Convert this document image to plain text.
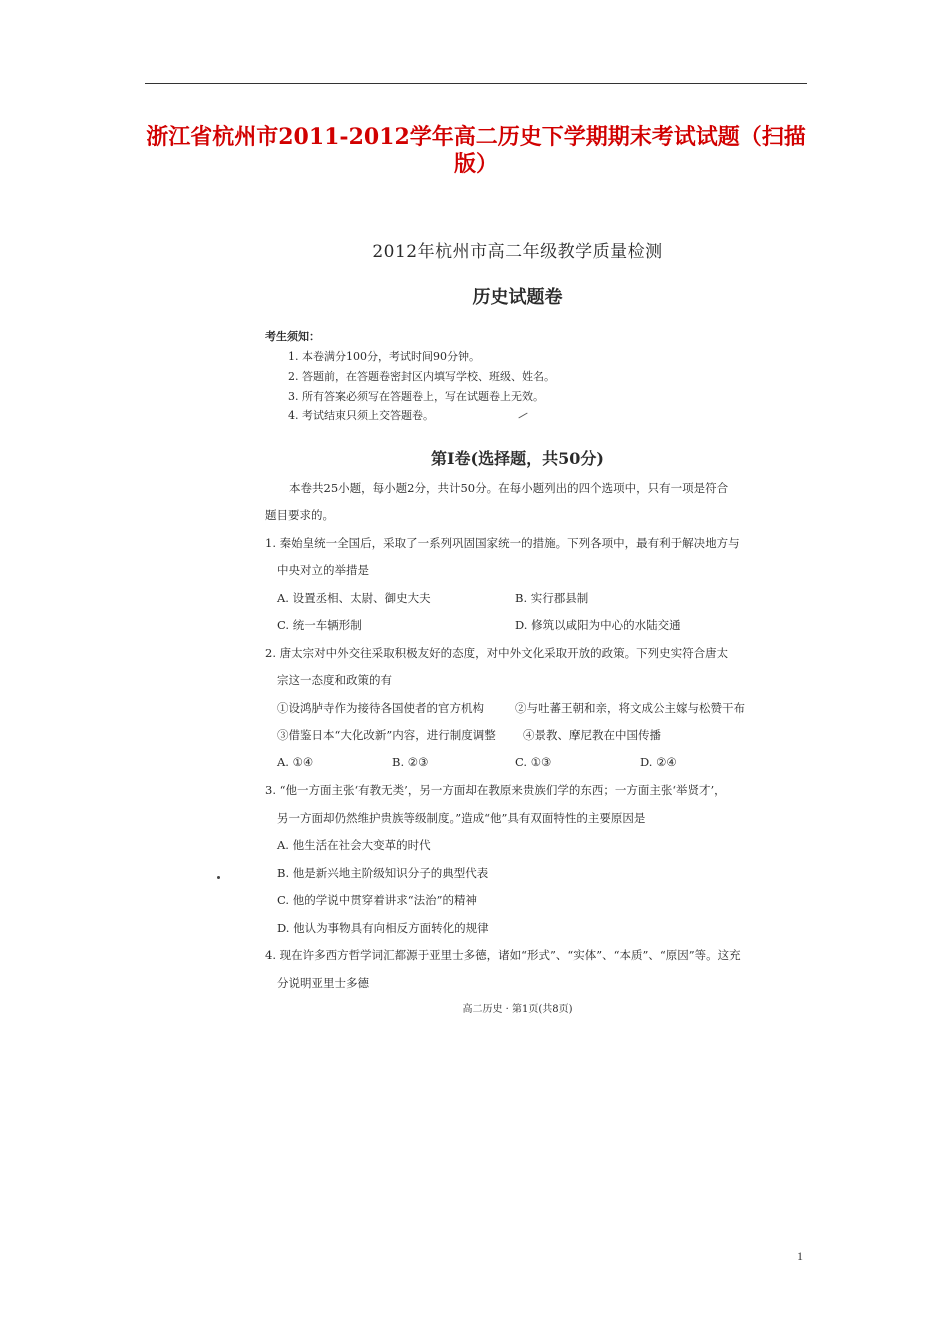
浙江省杭州市2011-2012学年高二历史下学期期末考试试题（扫描版）
2012年杭州市高二年级教学质量检测
历史试题卷
考生须知：
1. 本卷满分100分，考试时间90分钟。
2. 答题前，在答题卷密封区内填写学校、班级、姓名。
3. 所有答案必须写在答题卷上，写在试题卷上无效。
4. 考试结束只须上交答题卷。
第Ⅰ卷(选择题，共50分)
本卷共25小题，每小题2分，共计50分。在每小题列出的四个选项中，只有一项是符合
题目要求的。
1. 秦始皇统一全国后，采取了一系列巩固国家统一的措施。下列各项中，最有利于解决地方与
中央对立的举措是
A. 设置丞相、太尉、御史大夫	B. 实行郡县制
C. 统一车辆形制	D. 修筑以咸阳为中心的水陆交通
2. 唐太宗对中外交往采取积极友好的态度，对中外文化采取开放的政策。下列史实符合唐太
宗这一态度和政策的有
①设鸿胪寺作为接待各国使者的官方机构	②与吐蕃王朝和亲，将文成公主嫁与松赞干布
③借鉴日本“大化改新”内容，进行制度调整 ④景教、摩尼教在中国传播
A. ①④	B. ②③	C. ①③	D. ②④
3. “他一方面主张‘有教无类’，另一方面却在教原来贵族们学的东西；一方面主张‘举贤才’，
另一方面却仍然维护贵族等级制度。”造成“他”具有双面特性的主要原因是
A. 他生活在社会大变革的时代
B. 他是新兴地主阶级知识分子的典型代表
C. 他的学说中贯穿着讲求“法治”的精神
D. 他认为事物具有向相反方面转化的规律
4. 现在许多西方哲学词汇都源于亚里士多德，诸如“形式”、“实体”、“本质”、“原因”等。这充
分说明亚里士多德
高二历史 · 第1页(共8页)
1
